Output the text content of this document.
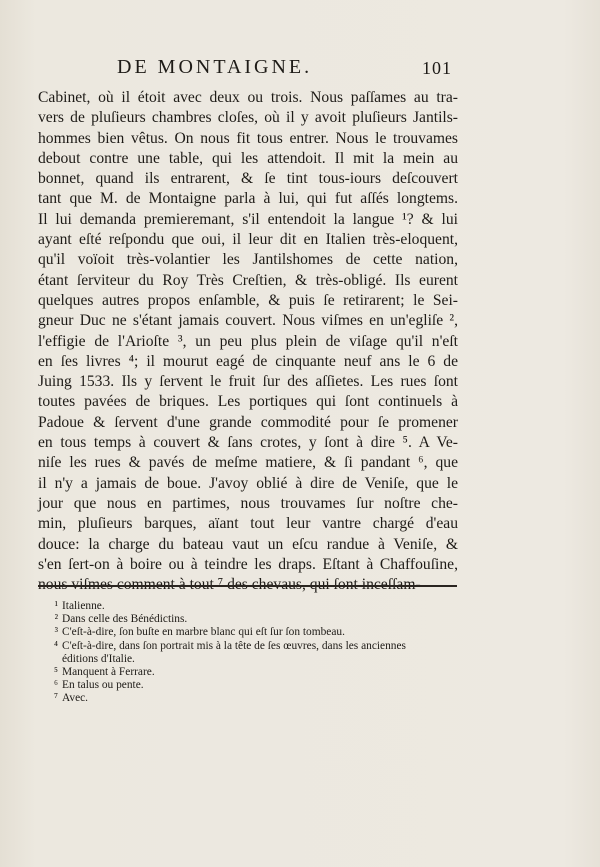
DE MONTAIGNE.	101
Cabinet, où il étoit avec deux ou trois. Nous paſſames au tra-
vers de pluſieurs chambres cloſes, où il y avoit pluſieurs Jantils-
hommes bien vêtus. On nous fit tous entrer. Nous le trouvames
debout contre une table, qui les attendoit. Il mit la mein au
bonnet, quand ils entrarent, & ſe tint tous-iours deſcouvert
tant que M. de Montaigne parla à lui, qui fut aſſés longtems.
Il lui demanda premieremant, s'il entendoit la langue ¹? & lui
ayant eſté reſpondu que oui, il leur dit en Italien très-eloquent,
qu'il voïoit très-volantier les Jantilshomes de cette nation,
étant ſerviteur du Roy Très Creſtien, & très-obligé. Ils eurent
quelques autres propos enſamble, & puis ſe retirarent; le Sei-
gneur Duc ne s'étant jamais couvert. Nous viſmes en un'egliſe ²,
l'effigie de l'Arioſte ³, un peu plus plein de viſage qu'il n'eſt
en ſes livres ⁴; il mourut eagé de cinquante neuf ans le 6 de
Juing 1533. Ils y ſervent le fruit ſur des aſſietes. Les rues ſont
toutes pavées de briques. Les portiques qui ſont continuels à
Padoue & ſervent d'une grande commodité pour ſe promener
en tous temps à couvert & ſans crotes, y ſont à dire ⁵. A Ve-
niſe les rues & pavés de meſme matiere, & ſi pandant ⁶, que
il n'y a jamais de boue. J'avoy oblié à dire de Veniſe, que le
jour que nous en partimes, nous trouvames ſur noſtre che-
min, pluſieurs barques, aïant tout leur vantre chargé d'eau
douce: la charge du bateau vaut un eſcu randue à Veniſe, &
s'en ſert-on à boire ou à teindre les draps. Eſtant à Chaffouſine,
¹ Italienne.
² Dans celle des Bénédictins.
³ C'eſt-à-dire, ſon buſte en marbre blanc qui eſt ſur ſon tombeau.
⁴ C'eſt-à-dire, dans ſon portrait mis à la tête de ſes œuvres, dans les anciennes
éditions d'Italie.
⁵ Manquent à Ferrare.
⁶ En talus ou pente.
⁷ Avec.
